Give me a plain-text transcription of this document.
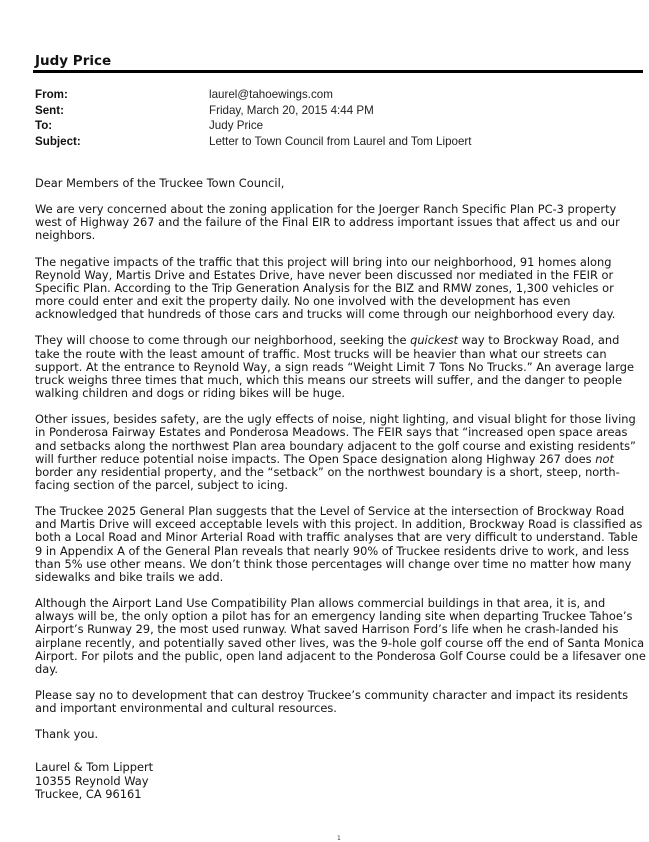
Judy Price
From:	laurel@tahoewings.com
Sent:	Friday, March 20, 2015 4:44 PM
To:	Judy Price
Subject:	Letter to Town Council from Laurel and Tom Lipoert

Dear Members of the Truckee Town Council,

We are very concerned about the zoning application for the Joerger Ranch Specific Plan PC-3 property
west of Highway 267 and the failure of the Final EIR to address important issues that affect us and our
neighbors.

The negative impacts of the traffic that this project will bring into our neighborhood, 91 homes along
Reynold Way, Martis Drive and Estates Drive, have never been discussed nor mediated in the FEIR or
Specific Plan. According to the Trip Generation Analysis for the BIZ and RMW zones, 1,300 vehicles or
more could enter and exit the property daily. No one involved with the development has even
acknowledged that hundreds of those cars and trucks will come through our neighborhood every day.

They will choose to come through our neighborhood, seeking the quickest way to Brockway Road, and
take the route with the least amount of traffic. Most trucks will be heavier than what our streets can
support. At the entrance to Reynold Way, a sign reads “Weight Limit 7 Tons No Trucks.” An average large
truck weighs three times that much, which this means our streets will suffer, and the danger to people
walking children and dogs or riding bikes will be huge.

Other issues, besides safety, are the ugly effects of noise, night lighting, and visual blight for those living
in Ponderosa Fairway Estates and Ponderosa Meadows. The FEIR says that “increased open space areas
and setbacks along the northwest Plan area boundary adjacent to the golf course and existing residents”
will further reduce potential noise impacts. The Open Space designation along Highway 267 does not
border any residential property, and the “setback” on the northwest boundary is a short, steep, north-
facing section of the parcel, subject to icing.

The Truckee 2025 General Plan suggests that the Level of Service at the intersection of Brockway Road
and Martis Drive will exceed acceptable levels with this project. In addition, Brockway Road is classified as
both a Local Road and Minor Arterial Road with traffic analyses that are very difficult to understand. Table
9 in Appendix A of the General Plan reveals that nearly 90% of Truckee residents drive to work, and less
than 5% use other means. We don’t think those percentages will change over time no matter how many
sidewalks and bike trails we add.

Although the Airport Land Use Compatibility Plan allows commercial buildings in that area, it is, and
always will be, the only option a pilot has for an emergency landing site when departing Truckee Tahoe’s
Airport’s Runway 29, the most used runway. What saved Harrison Ford’s life when he crash-landed his
airplane recently, and potentially saved other lives, was the 9-hole golf course off the end of Santa Monica
Airport. For pilots and the public, open land adjacent to the Ponderosa Golf Course could be a lifesaver one
day.

Please say no to development that can destroy Truckee’s community character and impact its residents
and important environmental and cultural resources.

Thank you.

Laurel & Tom Lippert
10355 Reynold Way
Truckee, CA 96161
1
